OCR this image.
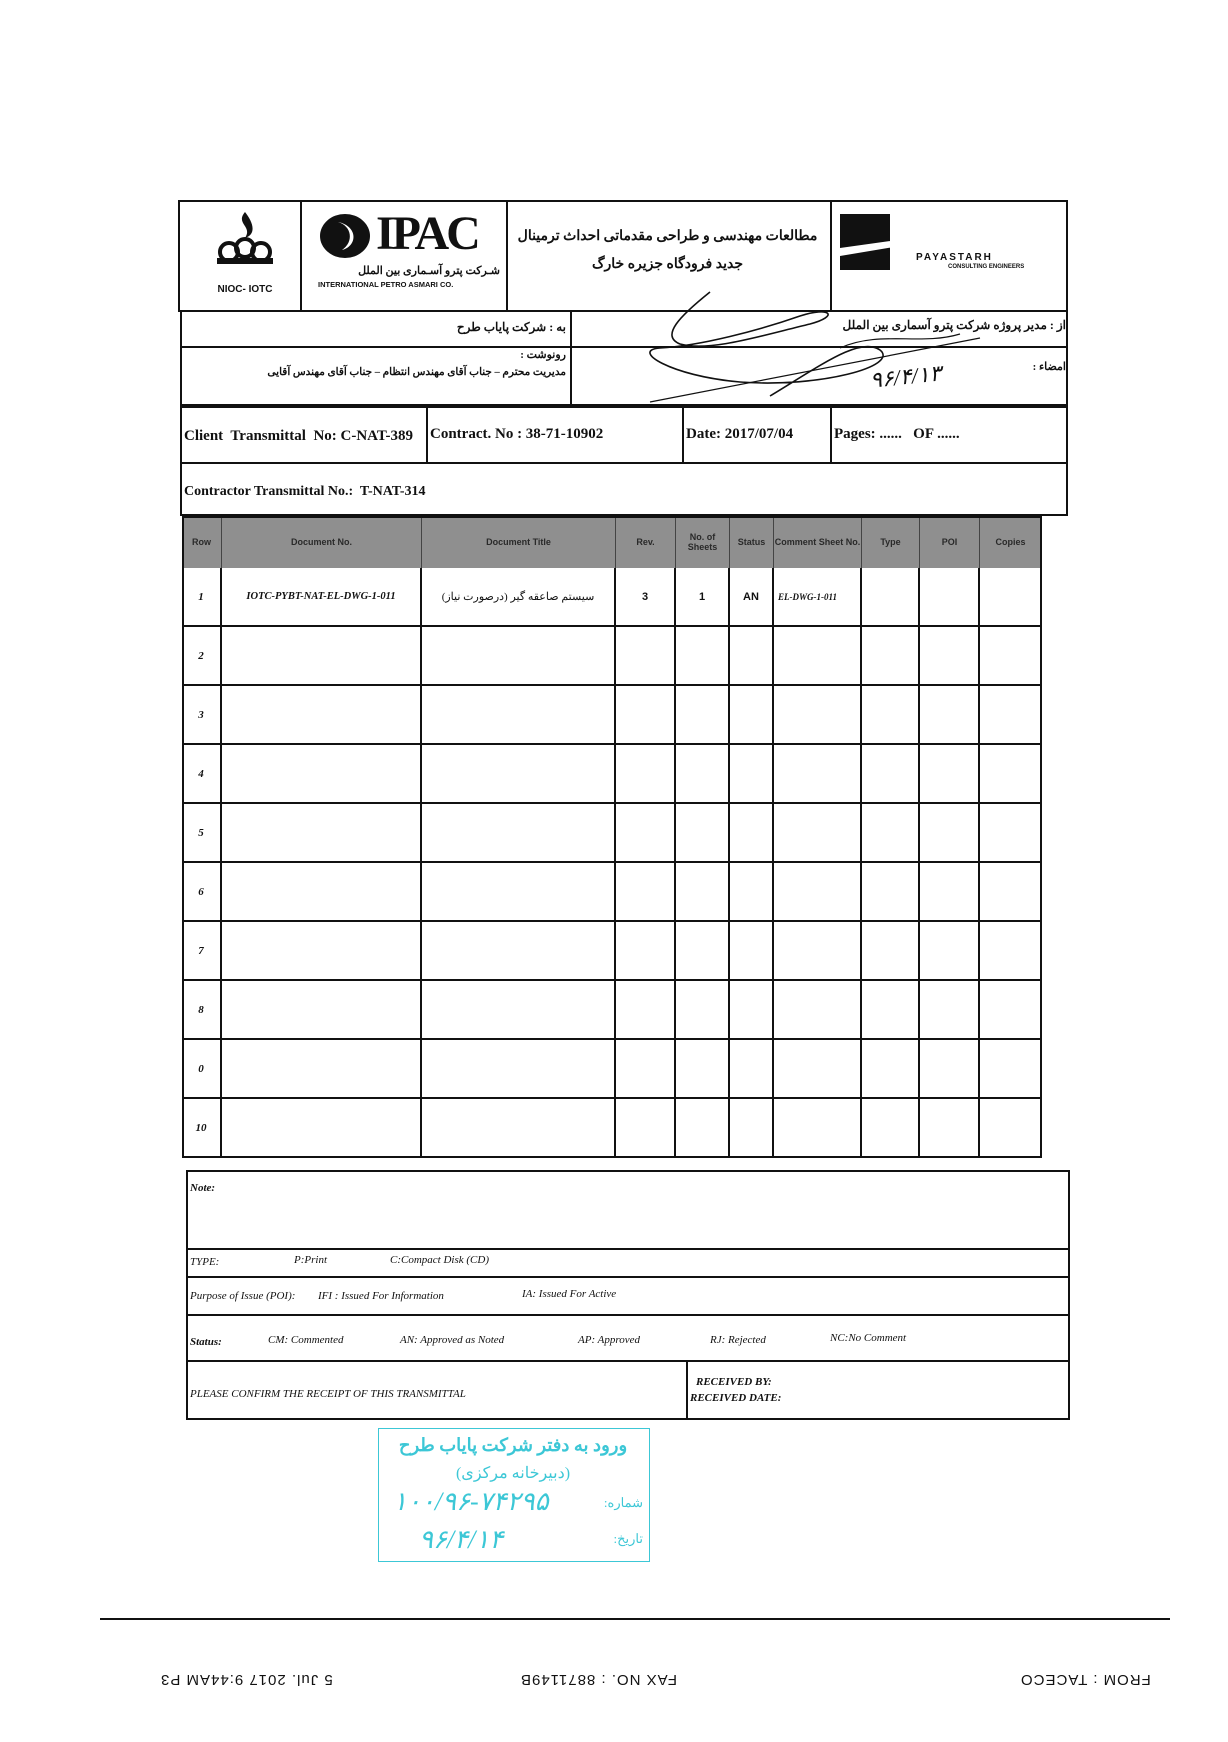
NIOC- IOTC
IPAC
شـرکت پترو آسـماری بین الملل
INTERNATIONAL PETRO ASMARI CO.
مطالعات مهندسی و طراحی مقدماتی احداث ترمینال
جدید فرودگاه جزیره خارگ	PAYASTARH
CONSULTING ENGINEERS
به : شرکت پایاب طرح	از : مدیر پروژه شرکت پترو آسماری بین الملل
رونوشت :
مدیریت محترم – جناب آقای مهندس انتظام – جناب آقای مهندس آقایی	امضاء :
۹۶/۴/۱۳
Client  Transmittal  No: C-NAT-389 Contract. No : 38-71-10902	Date: 2017/07/04	Pages: ......   OF ......
Contractor Transmittal No.:  T-NAT-314
Row	Document No.	Document Title	Rev.	No. of Sheets	Status	Comment Sheet No.	Type	POI	Copies
1	IOTC-PYBT-NAT-EL-DWG-1-011	سیستم صاعقه گیر (درصورت نیاز)	3	1	AN	EL-DWG-1-011
2
3
4
5
6
7
8
0
10
Note:
TYPE:	P:Print	C:Compact Disk (CD)
Purpose of Issue (POI): IFI : Issued For Information	IA: Issued For Active
Status:	CM: Commented	AN: Approved as Noted	AP: Approved	RJ: Rejected	NC:No Comment
PLEASE CONFIRM THE RECEIPT OF THIS TRANSMITTAL
RECEIVED BY:
RECEIVED DATE:
ورود به دفتر شرکت پایاب طرح
(دبیرخانه مرکزی)
شماره:
۱۰۰/۹۶-۷۴۲۹۵
تاریخ:
۹۶/۴/۱۴
FROM : TACECO
FAX NO. : 8871149B
5 Jul. 2017 9:44AM P3
